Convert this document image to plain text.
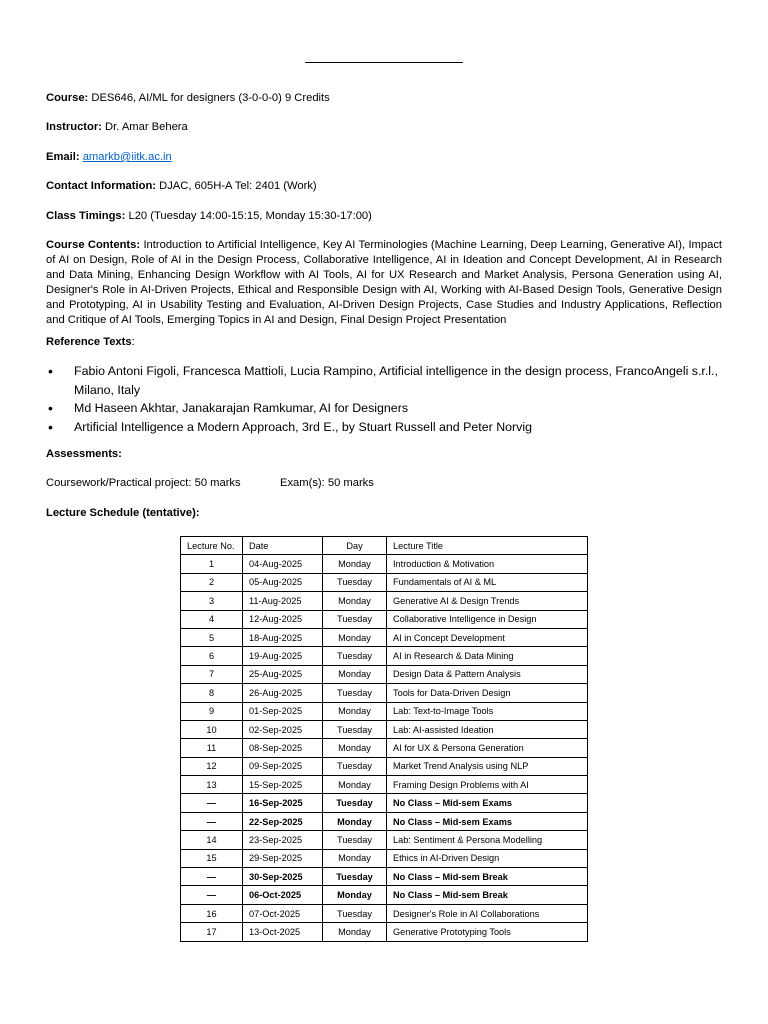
Course: DES646, AI/ML for designers (3-0-0-0) 9 Credits
Instructor: Dr. Amar Behera
Email: amarkb@iitk.ac.in
Contact Information: DJAC, 605H-A Tel: 2401 (Work)
Class Timings: L20 (Tuesday 14:00-15:15, Monday 15:30-17:00)
Course Contents: Introduction to Artificial Intelligence, Key AI Terminologies (Machine Learning, Deep Learning, Generative AI), Impact of AI on Design, Role of AI in the Design Process, Collaborative Intelligence, AI in Ideation and Concept Development, AI in Research and Data Mining, Enhancing Design Workflow with AI Tools, AI for UX Research and Market Analysis, Persona Generation using AI, Designer's Role in AI-Driven Projects, Ethical and Responsible Design with AI, Working with AI-Based Design Tools, Generative Design and Prototyping, AI in Usability Testing and Evaluation, AI-Driven Design Projects, Case Studies and Industry Applications, Reflection and Critique of AI Tools, Emerging Topics in AI and Design, Final Design Project Presentation
Reference Texts:
• Fabio Antoni Figoli, Francesca Mattioli, Lucia Rampino, Artificial intelligence in the design process, FrancoAngeli s.r.l., Milano, Italy
• Md Haseen Akhtar, Janakarajan Ramkumar, AI for Designers
• Artificial Intelligence a Modern Approach, 3rd E., by Stuart Russell and Peter Norvig
Assessments:
Coursework/Practical project: 50 marks	Exam(s): 50 marks
Lecture Schedule (tentative):
Lecture No.	Date	Day	Lecture Title
1	04-Aug-2025	Monday	Introduction & Motivation
2	05-Aug-2025	Tuesday	Fundamentals of AI & ML
3	11-Aug-2025	Monday	Generative AI & Design Trends
4	12-Aug-2025	Tuesday	Collaborative Intelligence in Design
5	18-Aug-2025	Monday	AI in Concept Development
6	19-Aug-2025	Tuesday	AI in Research & Data Mining
7	25-Aug-2025	Monday	Design Data & Pattern Analysis
8	26-Aug-2025	Tuesday	Tools for Data-Driven Design
9	01-Sep-2025	Monday	Lab: Text-to-Image Tools
10	02-Sep-2025	Tuesday	Lab: AI-assisted Ideation
11	08-Sep-2025	Monday	AI for UX & Persona Generation
12	09-Sep-2025	Tuesday	Market Trend Analysis using NLP
13	15-Sep-2025	Monday	Framing Design Problems with AI
—	16-Sep-2025	Tuesday	No Class – Mid-sem Exams
—	22-Sep-2025	Monday	No Class – Mid-sem Exams
14	23-Sep-2025	Tuesday	Lab: Sentiment & Persona Modelling
15	29-Sep-2025	Monday	Ethics in AI-Driven Design
—	30-Sep-2025	Tuesday	No Class – Mid-sem Break
—	06-Oct-2025	Monday	No Class – Mid-sem Break
16	07-Oct-2025	Tuesday	Designer's Role in AI Collaborations
17	13-Oct-2025	Monday	Generative Prototyping Tools
